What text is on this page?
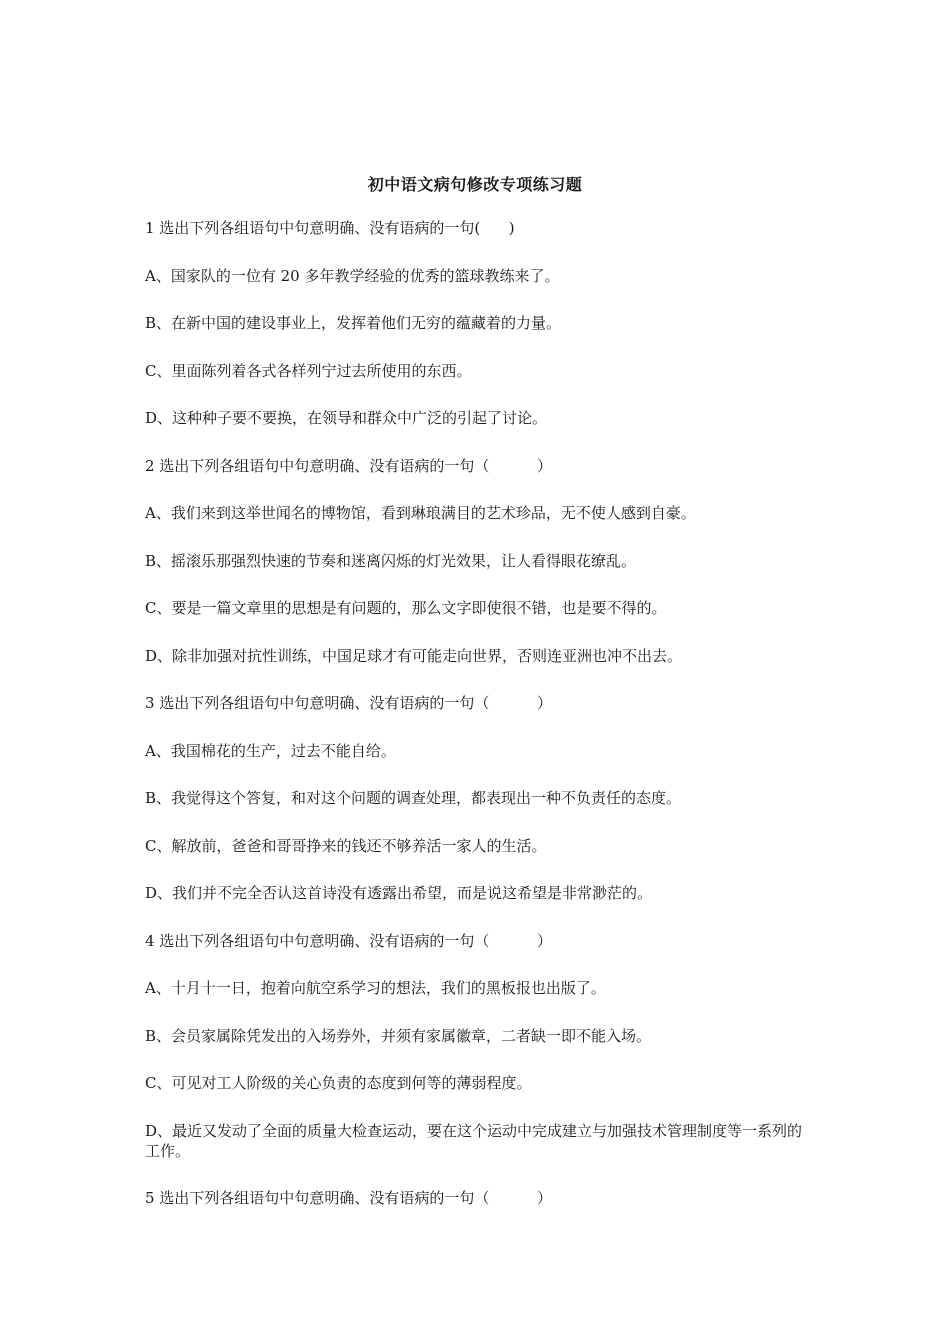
初中语文病句修改专项练习题

1 选出下列各组语句中句意明确、没有语病的一句(      )

A、国家队的一位有 20 多年教学经验的优秀的篮球教练来了。

B、在新中国的建设事业上，发挥着他们无穷的蕴藏着的力量。

C、里面陈列着各式各样列宁过去所使用的东西。

D、这种种子要不要换，在领导和群众中广泛的引起了讨论。

2 选出下列各组语句中句意明确、没有语病的一句（          ）

A、我们来到这举世闻名的博物馆，看到琳琅满目的艺术珍品，无不使人感到自豪。

B、摇滚乐那强烈快速的节奏和迷离闪烁的灯光效果，让人看得眼花缭乱。

C、要是一篇文章里的思想是有问题的，那么文字即使很不错，也是要不得的。

D、除非加强对抗性训练，中国足球才有可能走向世界，否则连亚洲也冲不出去。

3 选出下列各组语句中句意明确、没有语病的一句（          ）

A、我国棉花的生产，过去不能自给。

B、我觉得这个答复，和对这个问题的调查处理，都表现出一种不负责任的态度。

C、解放前，爸爸和哥哥挣来的钱还不够养活一家人的生活。

D、我们并不完全否认这首诗没有透露出希望，而是说这希望是非常渺茫的。

4 选出下列各组语句中句意明确、没有语病的一句（          ）

A、十月十一日，抱着向航空系学习的想法，我们的黑板报也出版了。

B、会员家属除凭发出的入场券外，并须有家属徽章，二者缺一即不能入场。

C、可见对工人阶级的关心负责的态度到何等的薄弱程度。

D、最近又发动了全面的质量大检查运动，要在这个运动中完成建立与加强技术管理制度等一系列的工作。

5 选出下列各组语句中句意明确、没有语病的一句（          ）
